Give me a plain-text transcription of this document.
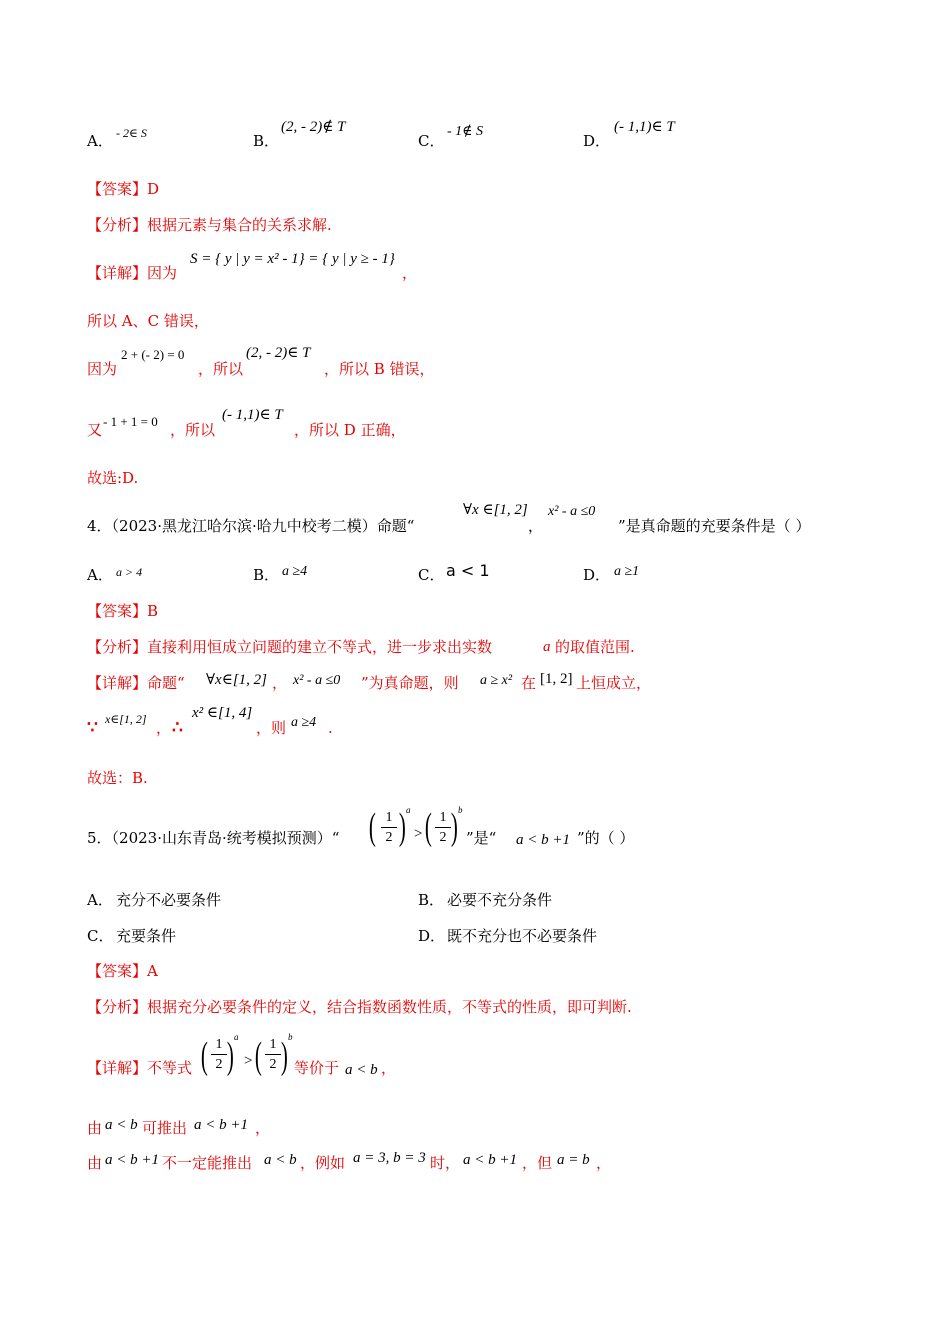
A． - 2∈ S	B．
(2, - 2)∉ T
C．
- 1∉ S
D．
(- 1,1)∈ T
【答案】D
【分析】根据元素与集合的关系求解.
【详解】因为
S = { y | y = x² - 1} = { y | y ≥ - 1}
，
所以 A、C 错误，
因为
2 + (- 2) = 0
，所以
(2, - 2)∈ T
，所以 B 错误，
又 - 1 + 1 = 0 ，所以
(- 1,1)∈ T
，所以 D 正确，
故选:D.
4．（2023·黑龙江哈尔滨·哈九中校考二模）命题“
∀x ∈[1, 2]
，
x² - a ≤0
”是真命题的充要条件是（ ）
A． a > 4	B． a ≥4	C． a < 1	D． a ≥1
【答案】B
【分析】直接利用恒成立问题的建立不等式，进一步求出实数	a 的取值范围.
【详解】命题“ ∀x∈[1, 2] ， x² - a ≤0 ”为真命题，则 a ≥ x² 在 [1, 2] 上恒成立，
∵ x∈[1, 2] ， ∴
x² ∈[1, 4]
，则 a ≥4 .
故选：B.
5．（2023·山东青岛·统考模拟预测）“ ( 1
2 ) a
> ( 1
2 ) b
”是“ a < b +1 ”的（ ）
A． 充分不必要条件	B． 必要不充分条件
C． 充要条件	D． 既不充分也不必要条件
【答案】A
【分析】根据充分必要条件的定义，结合指数函数性质，不等式的性质，即可判断.
【详解】不等式 ( 1
2 ) a
> ( 1
2 ) b
等价于 a < b ，
由 a < b 可推出 a < b +1 ，
由 a < b +1 不一定能推出 a < b ，例如 a = 3, b = 3 时， a < b +1 ，但 a = b ，
